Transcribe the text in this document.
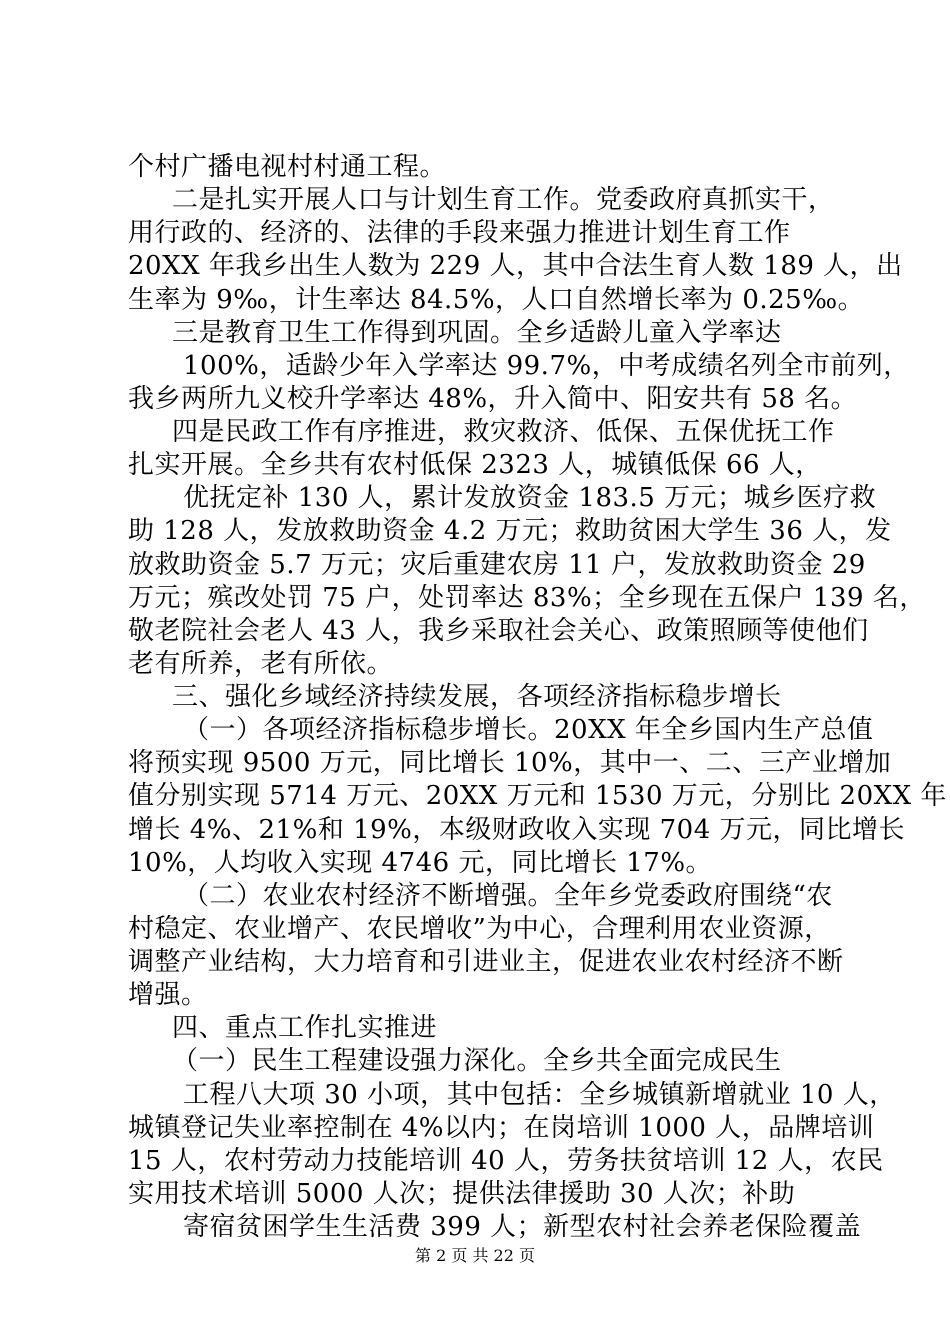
个村广播电视村村通工程。
二是扎实开展人口与计划生育工作。党委政府真抓实干，
用行政的、经济的、法律的手段来强力推进计划生育工作
20XX 年我乡出生人数为 229 人，其中合法生育人数 189 人，出
生率为 9‰，计生率达 84.5%，人口自然增长率为 0.25‰。
三是教育卫生工作得到巩固。全乡适龄儿童入学率达
100%，适龄少年入学率达 99.7%，中考成绩名列全市前列，
我乡两所九义校升学率达 48%，升入简中、阳安共有 58 名。
四是民政工作有序推进，救灾救济、低保、五保优抚工作
扎实开展。全乡共有农村低保 2323 人，城镇低保 66 人，
优抚定补 130 人，累计发放资金 183.5 万元；城乡医疗救
助 128 人，发放救助资金 4.2 万元；救助贫困大学生 36 人，发
放救助资金 5.7 万元；灾后重建农房 11 户，发放救助资金 29
万元；殡改处罚 75 户，处罚率达 83%；全乡现在五保户 139 名，
敬老院社会老人 43 人，我乡采取社会关心、政策照顾等使他们
老有所养，老有所依。
三、强化乡域经济持续发展，各项经济指标稳步增长
（一）各项经济指标稳步增长。20XX 年全乡国内生产总值
将预实现 9500 万元，同比增长 10%，其中一、二、三产业增加
值分别实现 5714 万元、20XX 万元和 1530 万元，分别比 20XX 年
增长 4%、21%和 19%，本级财政收入实现 704 万元，同比增长
10%，人均收入实现 4746 元，同比增长 17%。
（二）农业农村经济不断增强。全年乡党委政府围绕“农
村稳定、农业增产、农民增收”为中心，合理利用农业资源，
调整产业结构，大力培育和引进业主，促进农业农村经济不断
增强。
四、重点工作扎实推进
（一）民生工程建设强力深化。全乡共全面完成民生
工程八大项 30 小项，其中包括：全乡城镇新增就业 10 人，
城镇登记失业率控制在 4%以内；在岗培训 1000 人，品牌培训
15 人，农村劳动力技能培训 40 人，劳务扶贫培训 12 人，农民
实用技术培训 5000 人次；提供法律援助 30 人次；补助
寄宿贫困学生生活费 399 人；新型农村社会养老保险覆盖
第 2 页 共 22 页
